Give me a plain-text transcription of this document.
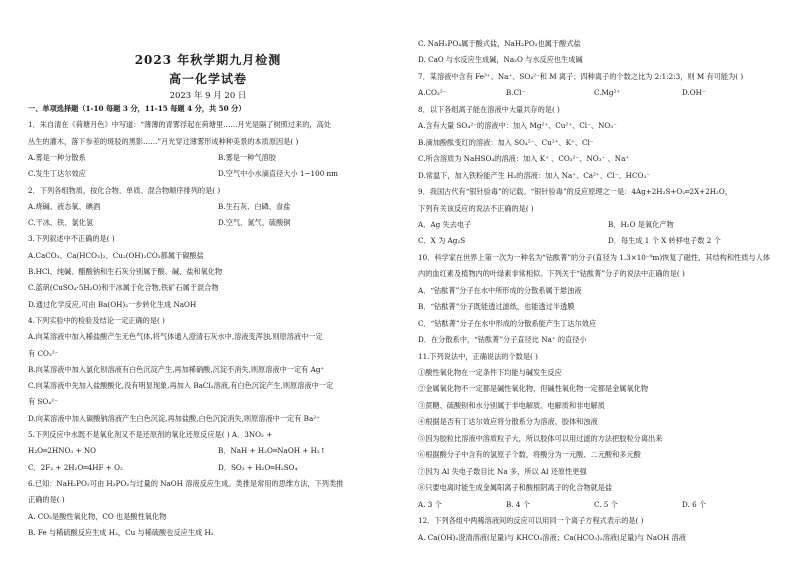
2023 年秋学期九月检测
高一化学试卷
2023 年 9 月 20 日
一、单项选择题（1-10 每题 3 分，11-15 每题 4 分，共 50 分）
1．朱自清在《荷塘月色》中写道：“薄薄的青雾浮起在荷塘里……月光是隔了树照过来的，高处
丛生的灌木，落下参差的斑驳的黑影……”月光穿过薄雾形成种种美景的本质原因是( )
A.雾是一种分散系	B.雾是一种气溶胶
C.发生丁达尔效应	D.空气中小水滴直径大小 1~100 nm
2．下列各组物质，按化合物、单质、混合物顺序排列的是( )
A.烧碱、液态氧、碘酒	B.生石灰、白磷、食盐
C.干冰、铁、氯化氢	D.空气、氮气、硫酸铜
3.下列叙述中不正确的是( )
A.CaCO₃、Ca(HCO₃)₂、Cu₂(OH)₂CO₃都属于碳酸盐
B.HCl、纯碱、醋酸钠和生石灰分别属于酸、碱、盐和氧化物
C.蓝矾(CuSO₄·5H₂O)和干冰属于化合物,铁矿石属于混合物
D.通过化学反应,可由 Ba(OH)₂一步转化生成 NaOH
4.下列实验中的检验及结论一定正确的是( )
A.向某溶液中加入稀盐酸产生无色气体,将气体通入澄清石灰水中,溶液变浑浊,则原溶液中一定
有 CO₃²⁻
B.向某溶液中加入氯化钡溶液有白色沉淀产生,再加稀硝酸,沉淀不消失,则原溶液中一定有 Ag⁺
C.向某溶液中先加入盐酸酸化,没有明显现象,再加入 BaCl₂溶液,有白色沉淀产生,则原溶液中一定
有 SO₄²⁻
D.向某溶液中加入碳酸钠溶液产生白色沉淀,再加盐酸,白色沉淀消失,则原溶液中一定有 Ba²⁺
5.下列反应中水既不是氧化剂又不是还原剂的氧化还原反应是( ) A．3NO₂ +
H₂O═2HNO₃ + NO	B．NaH + H₂O═NaOH + H₂↑
C．2F₂ + 2H₂O═4HF + O₂	D．SO₃ + H₂O═H₂SO₄
6.已知：NaH₂PO₂可由 H₃PO₂与过量的 NaOH 溶液反应生成。类推是常用的思维方法，下列类推
正确的是( )
A. CO₂是酸性氧化物，CO 也是酸性氧化物
B. Fe 与稀硫酸反应生成 H₂，Cu 与稀硫酸也反应生成 H₂
C. NaH₂PO₄属于酸式盐，NaH₂PO₂也属于酸式盐
D. CaO 与水反应生成碱，Na₂O 与水反应也生成碱
7．某溶液中含有 Fe³⁺、Na⁺、SO₄²⁻和 M 离子；四种离子的个数之比为 2:1:2:3，则 M 有可能为( )
A.CO₃²⁻	B.Cl⁻	C.Mg²⁺	D.OH⁻
8．以下各组离子能在溶液中大量共存的是( )
A.含有大量 SO₄²⁻的溶液中：加入 Mg²⁺、Cu²⁺、Cl⁻、NO₃⁻
B.滴加酚酞变红的溶液：加入 SO₄²⁻、Cu²⁺、K⁺、Cl⁻
C.所含溶质为 NaHSO₄的溶液：加入 K⁺ 、CO₃²⁻、NO₃⁻ 、Na⁺
D.常温下，加入铁粉能产生 H₂的溶液：加入 Na⁺、Ca²⁺、Cl⁻、HCO₃⁻
9．我国古代有“银针验毒”的记载。“银针验毒”的反应原理之一是：4Ag+2H₂S+O₂═2X+2H₂O，
下列有关该反应的说法不正确的是( )
A．Ag 失去电子	B．H₂O 是氧化产物
C．X 为 Ag₂S	D．每生成 1 个 X 转移电子数 2 个
10．科学家在世界上第一次为一种名为“钴酞菁”的分子(直径为 1.3×10⁻⁹m)恢复了磁性，其结构和性质与人体
内的血红素及植物内的叶绿素非常相似。下列关于“钴酞菁”分子的说法中正确的是( )
A．“钴酞菁”分子在水中所形成的分散系属于悬浊液
B．“钴酞菁”分子既能透过滤纸，也能透过半透膜
C．“钴酞菁”分子在水中形成的分散系能产生丁达尔效应
D．在分散系中，“钴酞菁”分子直径比 Na⁺ 的直径小
11.下列说法中，正确说法的个数是( )
①酸性氧化物在一定条件下均能与碱发生反应
②金属氧化物不一定都是碱性氧化物，但碱性氧化物一定都是金属氧化物
③蔗糖、硫酸钡和水分别属于非电解质、电解质和非电解质
④根据是否有丁达尔效应将分散系分为溶液、胶体和浊液
⑤因为胶粒比溶液中溶质粒子大，所以胶体可以用过滤的方法把胶粒分离出来
⑥根据酸分子中含有的氢原子个数，将酸分为一元酸、二元酸和多元酸
⑦因为 Al 失电子数目比 Na 多，所以 Al 还原性更强
⑧只要电离时能生成金属阳离子和酸根阴离子的化合物就是盐
A. 3 个	B. 4 个	C. 5 个	D. 6 个
12．下列各组中两稀溶液间的反应可以用同一个离子方程式表示的是( )
A. Ca(OH)₂澄清溶液(足量)与 KHCO₃溶液；Ca(HCO₃)₂溶液(足量)与 NaOH 溶液
